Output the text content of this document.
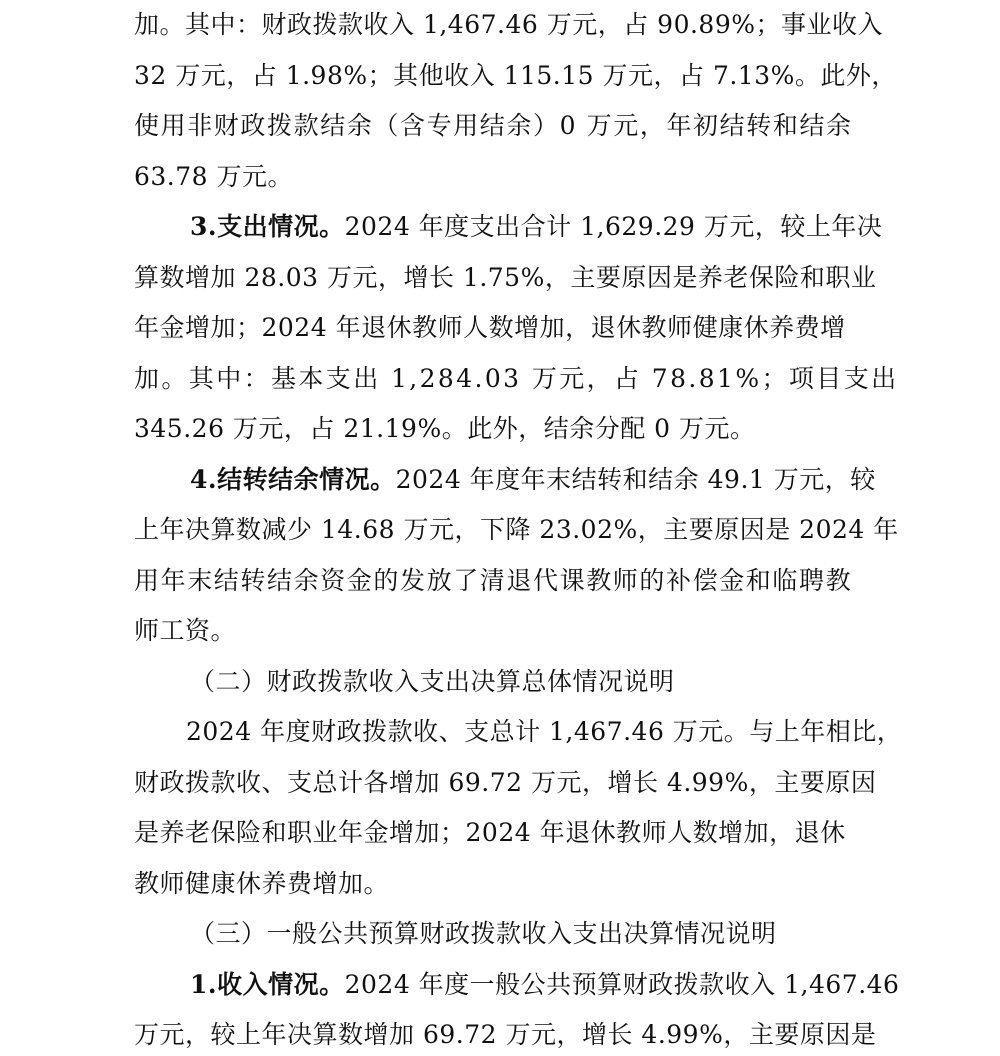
加。其中：财政拨款收入 1,467.46 万元，占 90.89%；事业收入
32 万元，占 1.98%；其他收入 115.15 万元，占 7.13%。此外，
使用非财政拨款结余（含专用结余）0 万元，年初结转和结余
63.78 万元。
3.支出情况。2024 年度支出合计 1,629.29 万元，较上年决
算数增加 28.03 万元，增长 1.75%，主要原因是养老保险和职业
年金增加；2024 年退休教师人数增加，退休教师健康休养费增
加。其中：基本支出 1,284.03 万元，占 78.81%；项目支出
345.26 万元，占 21.19%。此外，结余分配 0 万元。
4.结转结余情况。2024 年度年末结转和结余 49.1 万元，较
上年决算数减少 14.68 万元，下降 23.02%，主要原因是 2024 年
用年末结转结余资金的发放了清退代课教师的补偿金和临聘教
师工资。
（二）财政拨款收入支出决算总体情况说明
2024 年度财政拨款收、支总计 1,467.46 万元。与上年相比，
财政拨款收、支总计各增加 69.72 万元，增长 4.99%，主要原因
是养老保险和职业年金增加；2024 年退休教师人数增加，退休
教师健康休养费增加。
（三）一般公共预算财政拨款收入支出决算情况说明
1.收入情况。2024 年度一般公共预算财政拨款收入 1,467.46
万元，较上年决算数增加 69.72 万元，增长 4.99%，主要原因是
